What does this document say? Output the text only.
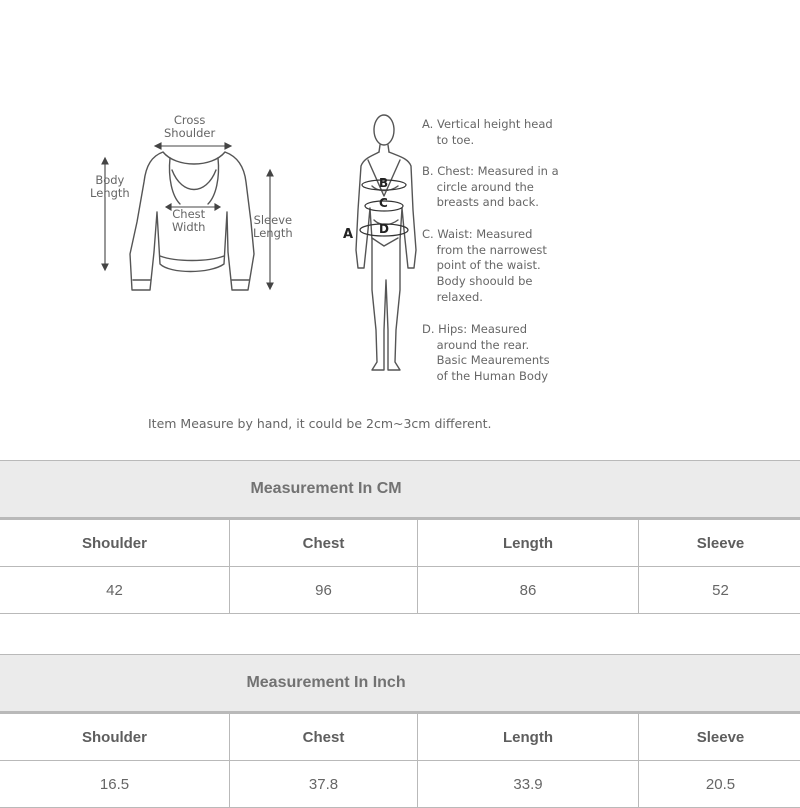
Cross
Shoulder
Body
Length
Chest
Width	Sleeve
Length	A
B
C
D
A. Vertical height head
to toe.
B. Chest: Measured in a
circle around the
breasts and back.
C. Waist: Measured
from the narrowest
point of the waist.
Body shoould be
relaxed.
D. Hips: Measured
around the rear.
Basic Meaurements
of the Human Body
Item Measure by hand, it could be 2cm~3cm different.
Measurement In CM			
Shoulder	Chest	Length	Sleeve
42	96	86	52
Measurement In Inch			
Shoulder	Chest	Length	Sleeve
16.5	37.8	33.9	20.5
